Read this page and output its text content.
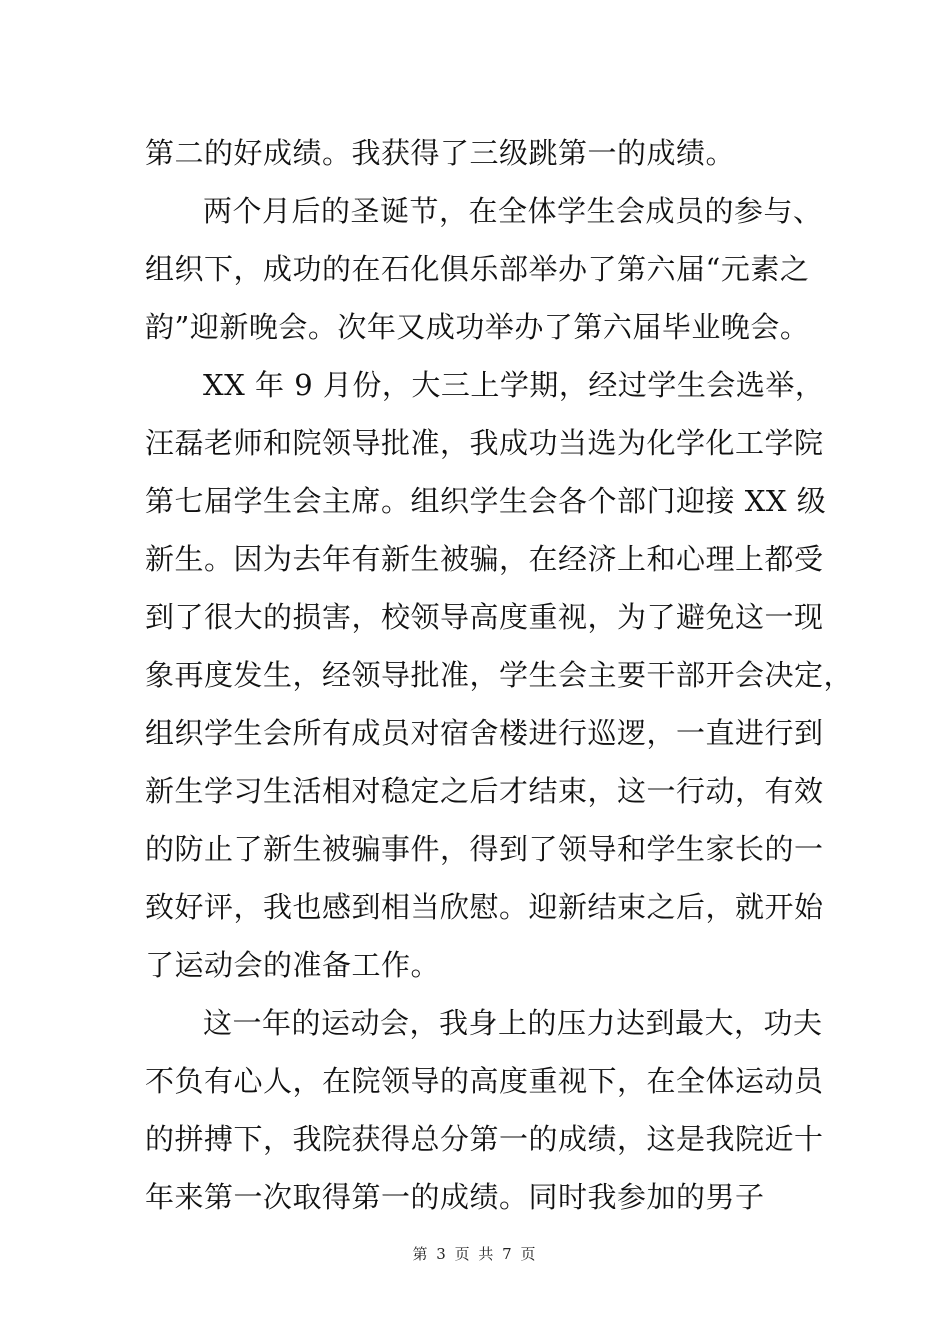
第二的好成绩。我获得了三级跳第一的成绩。
两个月后的圣诞节，在全体学生会成员的参与、
组织下，成功的在石化俱乐部举办了第六届“元素之
韵”迎新晚会。次年又成功举办了第六届毕业晚会。
XX 年 9 月份，大三上学期，经过学生会选举，
汪磊老师和院领导批准，我成功当选为化学化工学院
第七届学生会主席。组织学生会各个部门迎接 XX 级
新生。因为去年有新生被骗，在经济上和心理上都受
到了很大的损害，校领导高度重视，为了避免这一现
象再度发生，经领导批准，学生会主要干部开会决定，
组织学生会所有成员对宿舍楼进行巡逻，一直进行到
新生学习生活相对稳定之后才结束，这一行动，有效
的防止了新生被骗事件，得到了领导和学生家长的一
致好评，我也感到相当欣慰。迎新结束之后，就开始
了运动会的准备工作。
这一年的运动会，我身上的压力达到最大，功夫
不负有心人，在院领导的高度重视下，在全体运动员
的拼搏下，我院获得总分第一的成绩，这是我院近十
年来第一次取得第一的成绩。同时我参加的男子
第 3 页 共 7 页
